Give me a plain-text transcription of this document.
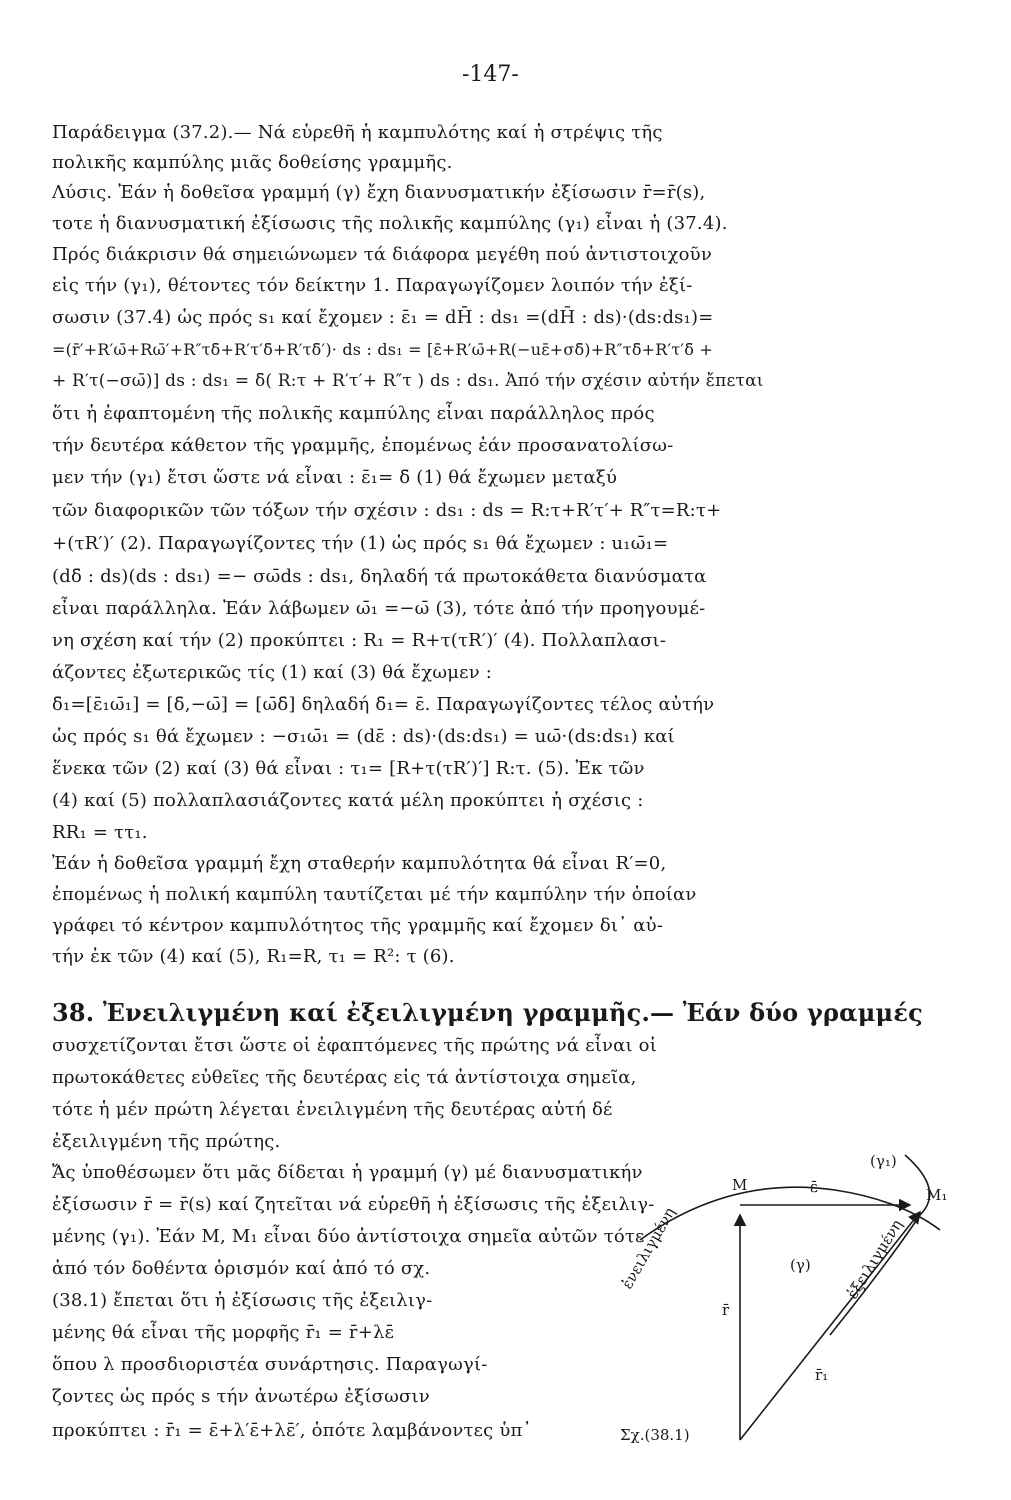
-147-
Παράδειγμα (37.2).— Νά εὑρεθῆ ἡ καμπυλότης καί ἡ στρέψις τῆς
πολικῆς καμπύλης μιᾶς δοθείσης γραμμῆς.
Λύσις. Ἐάν ἡ δοθεῖσα γραμμή (γ) ἔχη διανυσματικήν ἐξίσωσιν r̄=r̄(s),
τοτε ἡ διανυσματική ἐξίσωσις τῆς πολικῆς καμπύλης (γ₁) εἶναι ἡ (37.4).
Πρός διάκρισιν θά σημειώνωμεν τά διάφορα μεγέθη πού ἀντιστοιχοῦν
εἰς τήν (γ₁), θέτοντες τόν δείκτην 1. Παραγωγίζομεν λοιπόν τήν ἐξί-
σωσιν (37.4) ὡς πρός s₁ καί ἔχομεν : ε̄₁ = dH̄ : ds₁ =(dH̄ : ds)·(ds:ds₁)=
=(r̄′+R′ω̄+Rω̄′+R″τδ̄+R′τ′δ̄+R′τδ̄′)· ds : ds₁ = [ε̄+R′ω̄+R(−uε̄+σδ̄)+R″τδ̄+R′τ′δ̄ +
+ R′τ(−σω̄)] ds : ds₁ = δ̄( R:τ + R′τ′+ R″τ ) ds : ds₁. Ἀπό τήν σχέσιν αὐτήν ἔπεται
ὅτι ἡ ἐφαπτομένη τῆς πολικῆς καμπύλης εἶναι παράλληλος πρός
τήν δευτέρα κάθετον τῆς γραμμῆς, ἐπομένως ἐάν προσανατολίσω-
μεν τήν (γ₁) ἔτσι ὥστε νά εἶναι : ε̄₁= δ̄ (1) θά ἔχωμεν μεταξύ
τῶν διαφορικῶν τῶν τόξων τήν σχέσιν : ds₁ : ds = R:τ+R′τ′+ R″τ=R:τ+
+(τR′)′ (2). Παραγωγίζοντες τήν (1) ὡς πρός s₁ θά ἔχωμεν : u₁ω̄₁=
(dδ̄ : ds)(ds : ds₁) =− σω̄ds : ds₁, δηλαδή τά πρωτοκάθετα διανύσματα
εἶναι παράλληλα. Ἐάν λάβωμεν ω̄₁ =−ω̄ (3), τότε ἀπό τήν προηγουμέ-
νη σχέση καί τήν (2) προκύπτει : R₁ = R+τ(τR′)′ (4). Πολλαπλασι-
άζοντες ἐξωτερικῶς τίς (1) καί (3) θά ἔχωμεν :
δ̄₁=[ε̄₁ω̄₁] = [δ̄,−ω̄] = [ω̄δ̄] δηλαδή δ̄₁= ε̄. Παραγωγίζοντες τέλος αὐτήν
ὡς πρός s₁ θά ἔχωμεν : −σ₁ω̄₁ = (dε̄ : ds)·(ds:ds₁) = uω̄·(ds:ds₁) καί
ἕνεκα τῶν (2) καί (3) θά εἶναι : τ₁= [R+τ(τR′)′] R:τ. (5). Ἐκ τῶν
(4) καί (5) πολλαπλασιάζοντες κατά μέλη προκύπτει ἡ σχέσις :
RR₁ = ττ₁.
Ἐάν ἡ δοθεῖσα γραμμή ἔχη σταθερήν καμπυλότητα θά εἶναι R′=0,
ἐπομένως ἡ πολική καμπύλη ταυτίζεται μέ τήν καμπύλην τήν ὁποίαν
γράφει τό κέντρον καμπυλότητος τῆς γραμμῆς καί ἔχομεν δι᾽ αὐ-
τήν ἐκ τῶν (4) καί (5), R₁=R, τ₁ = R²: τ (6).
38. Ἐνειλιγμένη καί ἐξειλιγμένη γραμμῆς.— Ἐάν δύο γραμμές
συσχετίζονται ἔτσι ὥστε οἱ ἐφαπτόμενες τῆς πρώτης νά εἶναι οἱ
πρωτοκάθετες εὐθεῖες τῆς δευτέρας εἰς τά ἀντίστοιχα σημεῖα,
τότε ἡ μέν πρώτη λέγεται ἐνειλιγμένη τῆς δευτέρας αὐτή δέ
ἐξειλιγμένη τῆς πρώτης.
Ἄς ὑποθέσωμεν ὅτι μᾶς δίδεται ἡ γραμμή (γ) μέ διανυσματικήν
ἐξίσωσιν r̄ = r̄(s) καί ζητεῖται νά εὑρεθῆ ἡ ἐξίσωσις τῆς ἐξειλιγ-
μένης (γ₁). Ἐάν Μ, Μ₁ εἶναι δύο ἀντίστοιχα σημεῖα αὐτῶν τότε
ἀπό τόν δοθέντα ὁρισμόν καί ἀπό τό σχ.
(38.1) ἔπεται ὅτι ἡ ἐξίσωσις τῆς ἐξειλιγ-
μένης θά εἶναι τῆς μορφῆς r̄₁ = r̄+λε̄
ὅπου λ προσδιοριστέα συνάρτησις. Παραγωγί-
ζοντες ὡς πρός s τήν ἀνωτέρω ἐξίσωσιν
προκύπτει : r̄₁ = ε̄+λ′ε̄+λε̄′, ὁπότε λαμβάνοντες ὑπ᾽
(γ₁)
M	ε̄	M₁
(γ)
r̄
r̄₁
ἐνειλιγμένη	ἐξειλιγμένη
Σχ.(38.1)
